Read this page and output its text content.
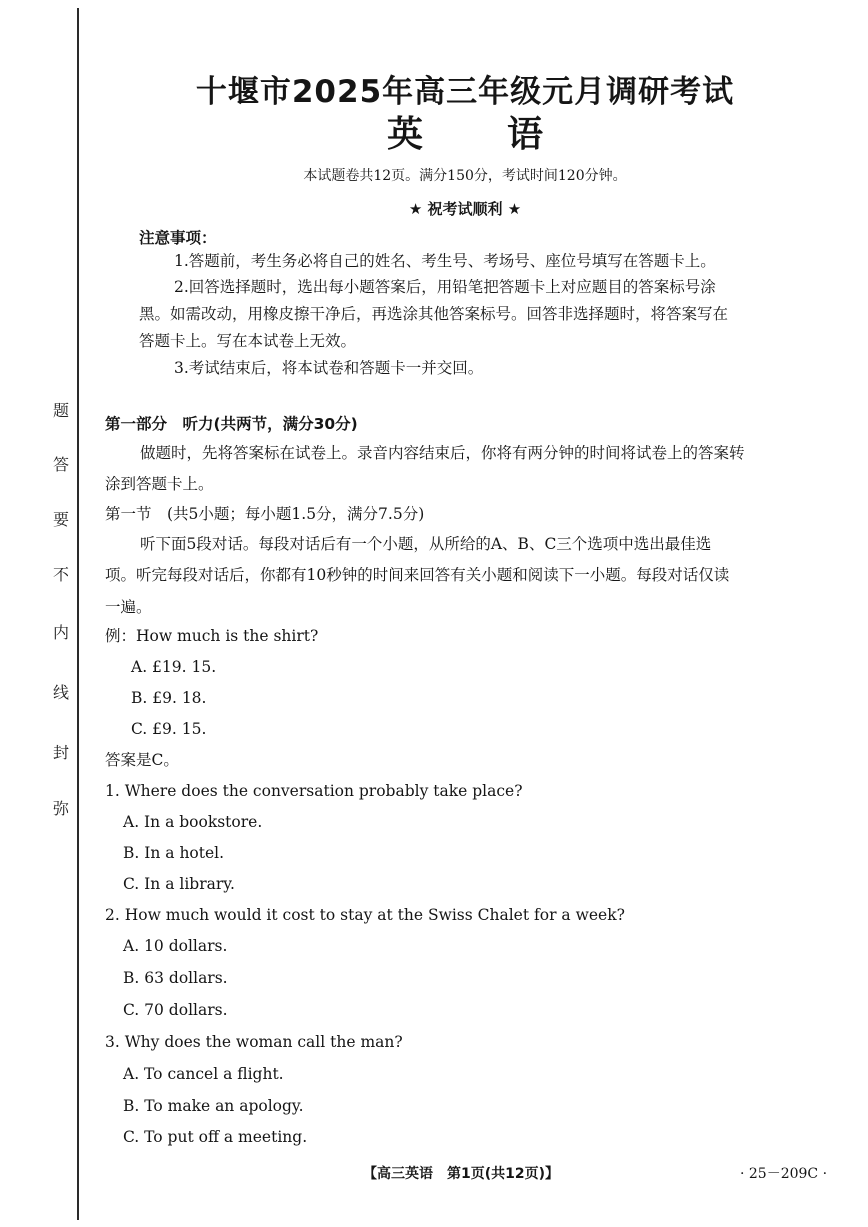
题
答
要
不
内
线
封
弥
十堰市2025年高三年级元月调研考试
英语
本试题卷共12页。满分150分，考试时间120分钟。
★ 祝考试顺利 ★
注意事项：
1.答题前，考生务必将自己的姓名、考生号、考场号、座位号填写在答题卡上。
2.回答选择题时，选出每小题答案后，用铅笔把答题卡上对应题目的答案标号涂
黑。如需改动，用橡皮擦干净后，再选涂其他答案标号。回答非选择题时，将答案写在
答题卡上。写在本试卷上无效。
3.考试结束后，将本试卷和答题卡一并交回。
第一部分　听力(共两节，满分30分)
做题时，先将答案标在试卷上。录音内容结束后，你将有两分钟的时间将试卷上的答案转
涂到答题卡上。
第一节　(共5小题；每小题1.5分，满分7.5分)
听下面5段对话。每段对话后有一个小题，从所给的A、B、C三个选项中选出最佳选
项。听完每段对话后，你都有10秒钟的时间来回答有关小题和阅读下一小题。每段对话仅读
一遍。
例：How much is the shirt?
A. £19. 15.
B. £9. 18.
C. £9. 15.
答案是C。
1. Where does the conversation probably take place?
A. In a bookstore.
B. In a hotel.
C. In a library.
2. How much would it cost to stay at the Swiss Chalet for a week?
A. 10 dollars.
B. 63 dollars.
C. 70 dollars.
3. Why does the woman call the man?
A. To cancel a flight.
B. To make an apology.
C. To put off a meeting.
【高三英语　第1页(共12页)】	· 25－209C ·
